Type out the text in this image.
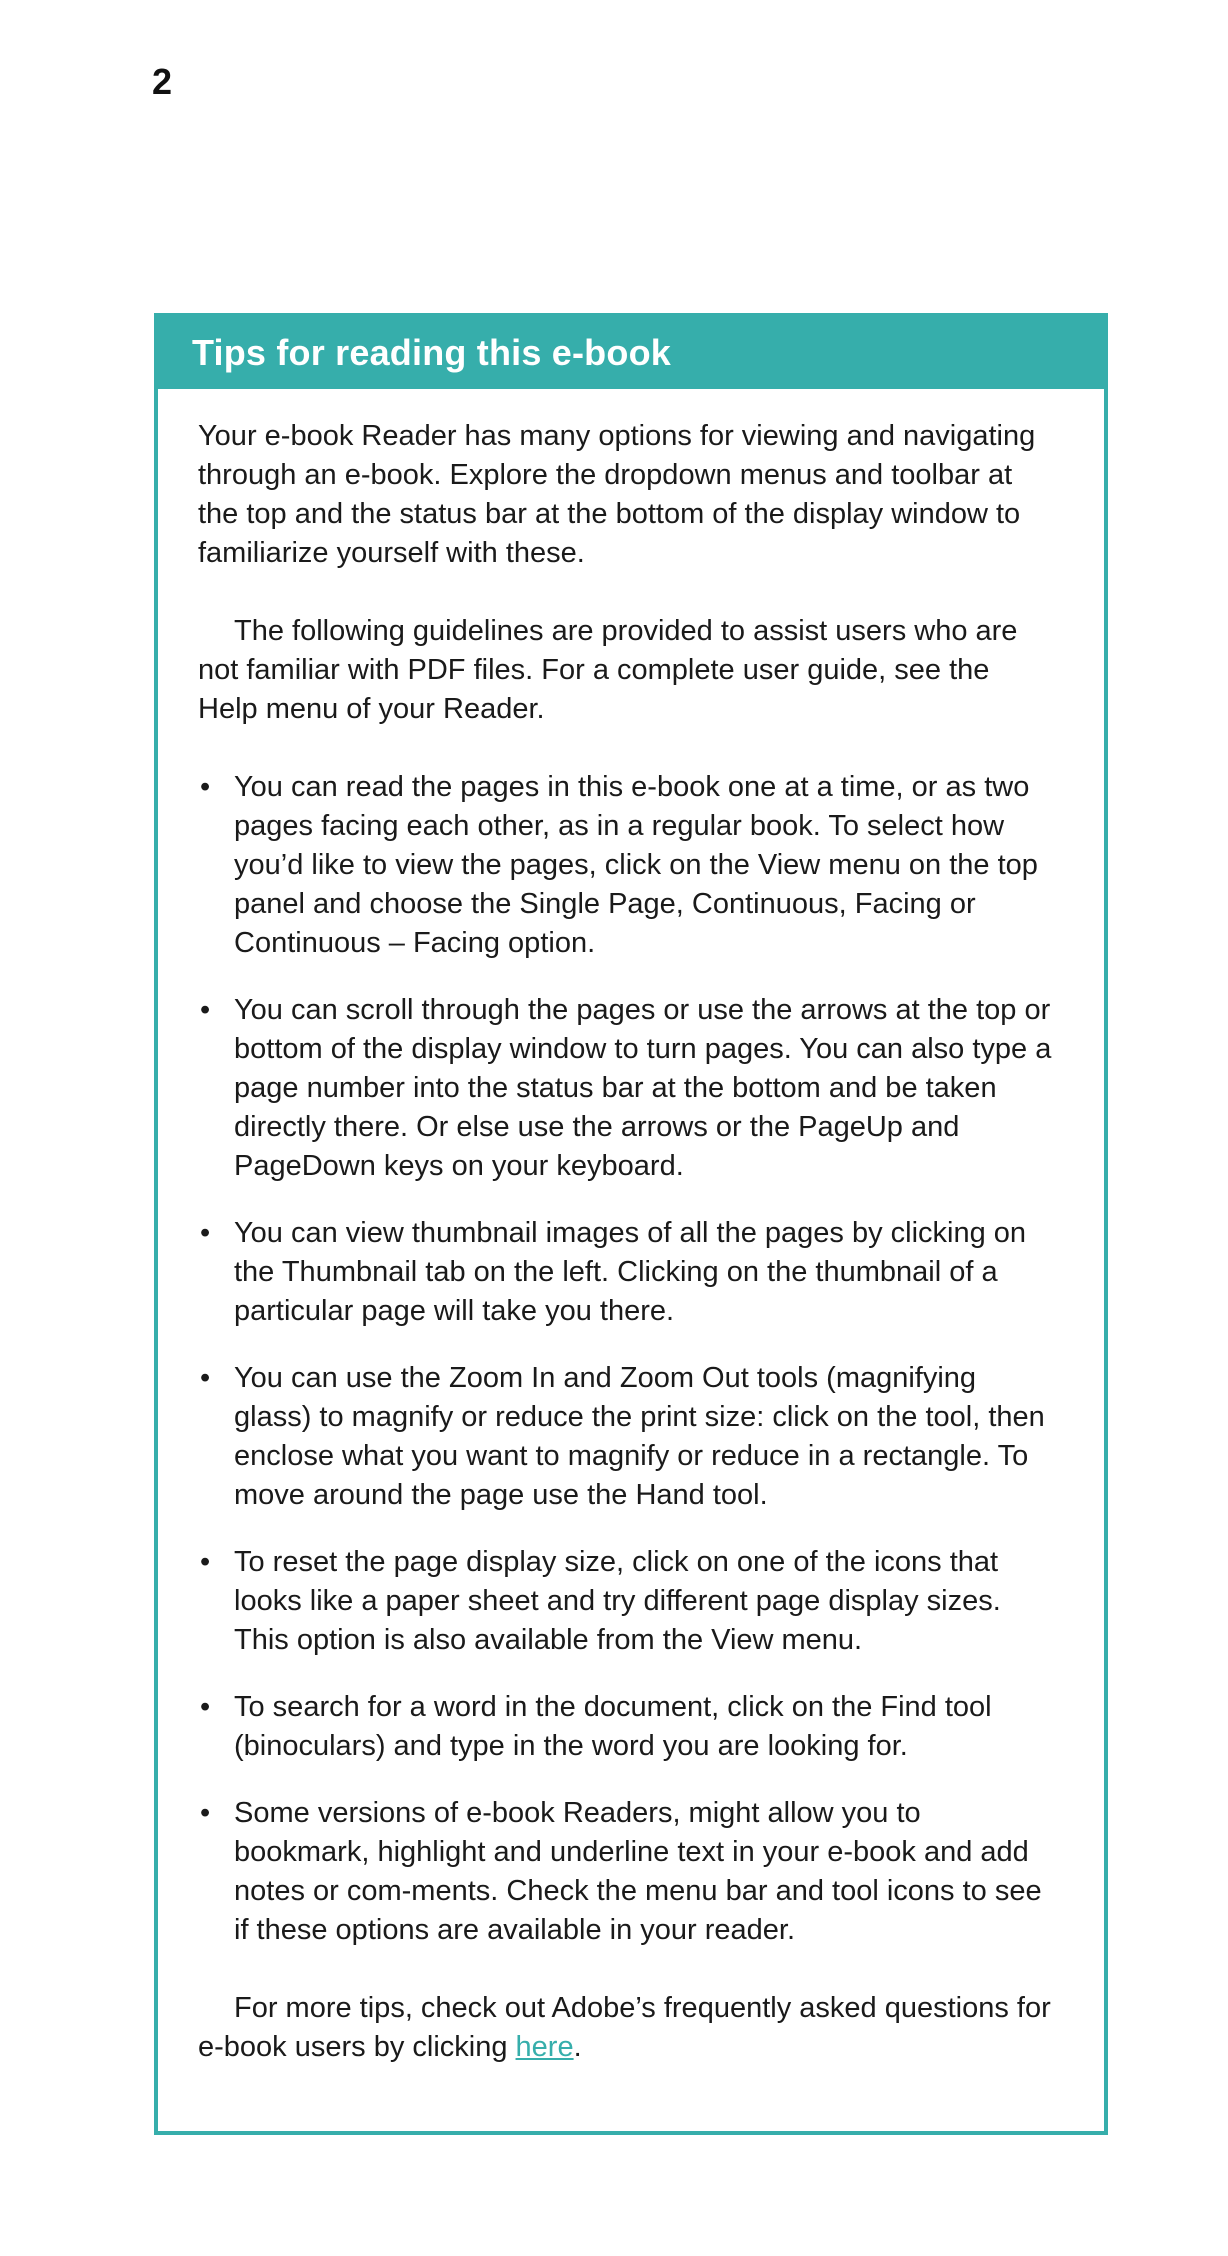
2
Tips for reading this e-book

Your e-book Reader has many options for viewing and navigating through an e-book. Explore the dropdown menus and toolbar at the top and the status bar at the bottom of the display window to familiarize yourself with these.

The following guidelines are provided to assist users who are not familiar with PDF files. For a complete user guide, see the Help menu of your Reader.

• You can read the pages in this e-book one at a time, or as two pages facing each other, as in a regular book. To select how you’d like to view the pages, click on the View menu on the top panel and choose the Single Page, Continuous, Facing or Continuous – Facing option.
• You can scroll through the pages or use the arrows at the top or bottom of the display window to turn pages. You can also type a page number into the status bar at the bottom and be taken directly there. Or else use the arrows or the PageUp and PageDown keys on your keyboard.
• You can view thumbnail images of all the pages by clicking on the Thumbnail tab on the left. Clicking on the thumbnail of a particular page will take you there.
• You can use the Zoom In and Zoom Out tools (magnifying glass) to magnify or reduce the print size: click on the tool, then enclose what you want to magnify or reduce in a rectangle. To move around the page use the Hand tool.
• To reset the page display size, click on one of the icons that looks like a paper sheet and try different page display sizes. This option is also available from the View menu.
• To search for a word in the document, click on the Find tool (binoculars) and type in the word you are looking for.
• Some versions of e-book Readers, might allow you to bookmark, highlight and underline text in your e-book and add notes or com-ments. Check the menu bar and tool icons to see if these options are available in your reader.

For more tips, check out Adobe’s frequently asked questions for e-book users by clicking here.
